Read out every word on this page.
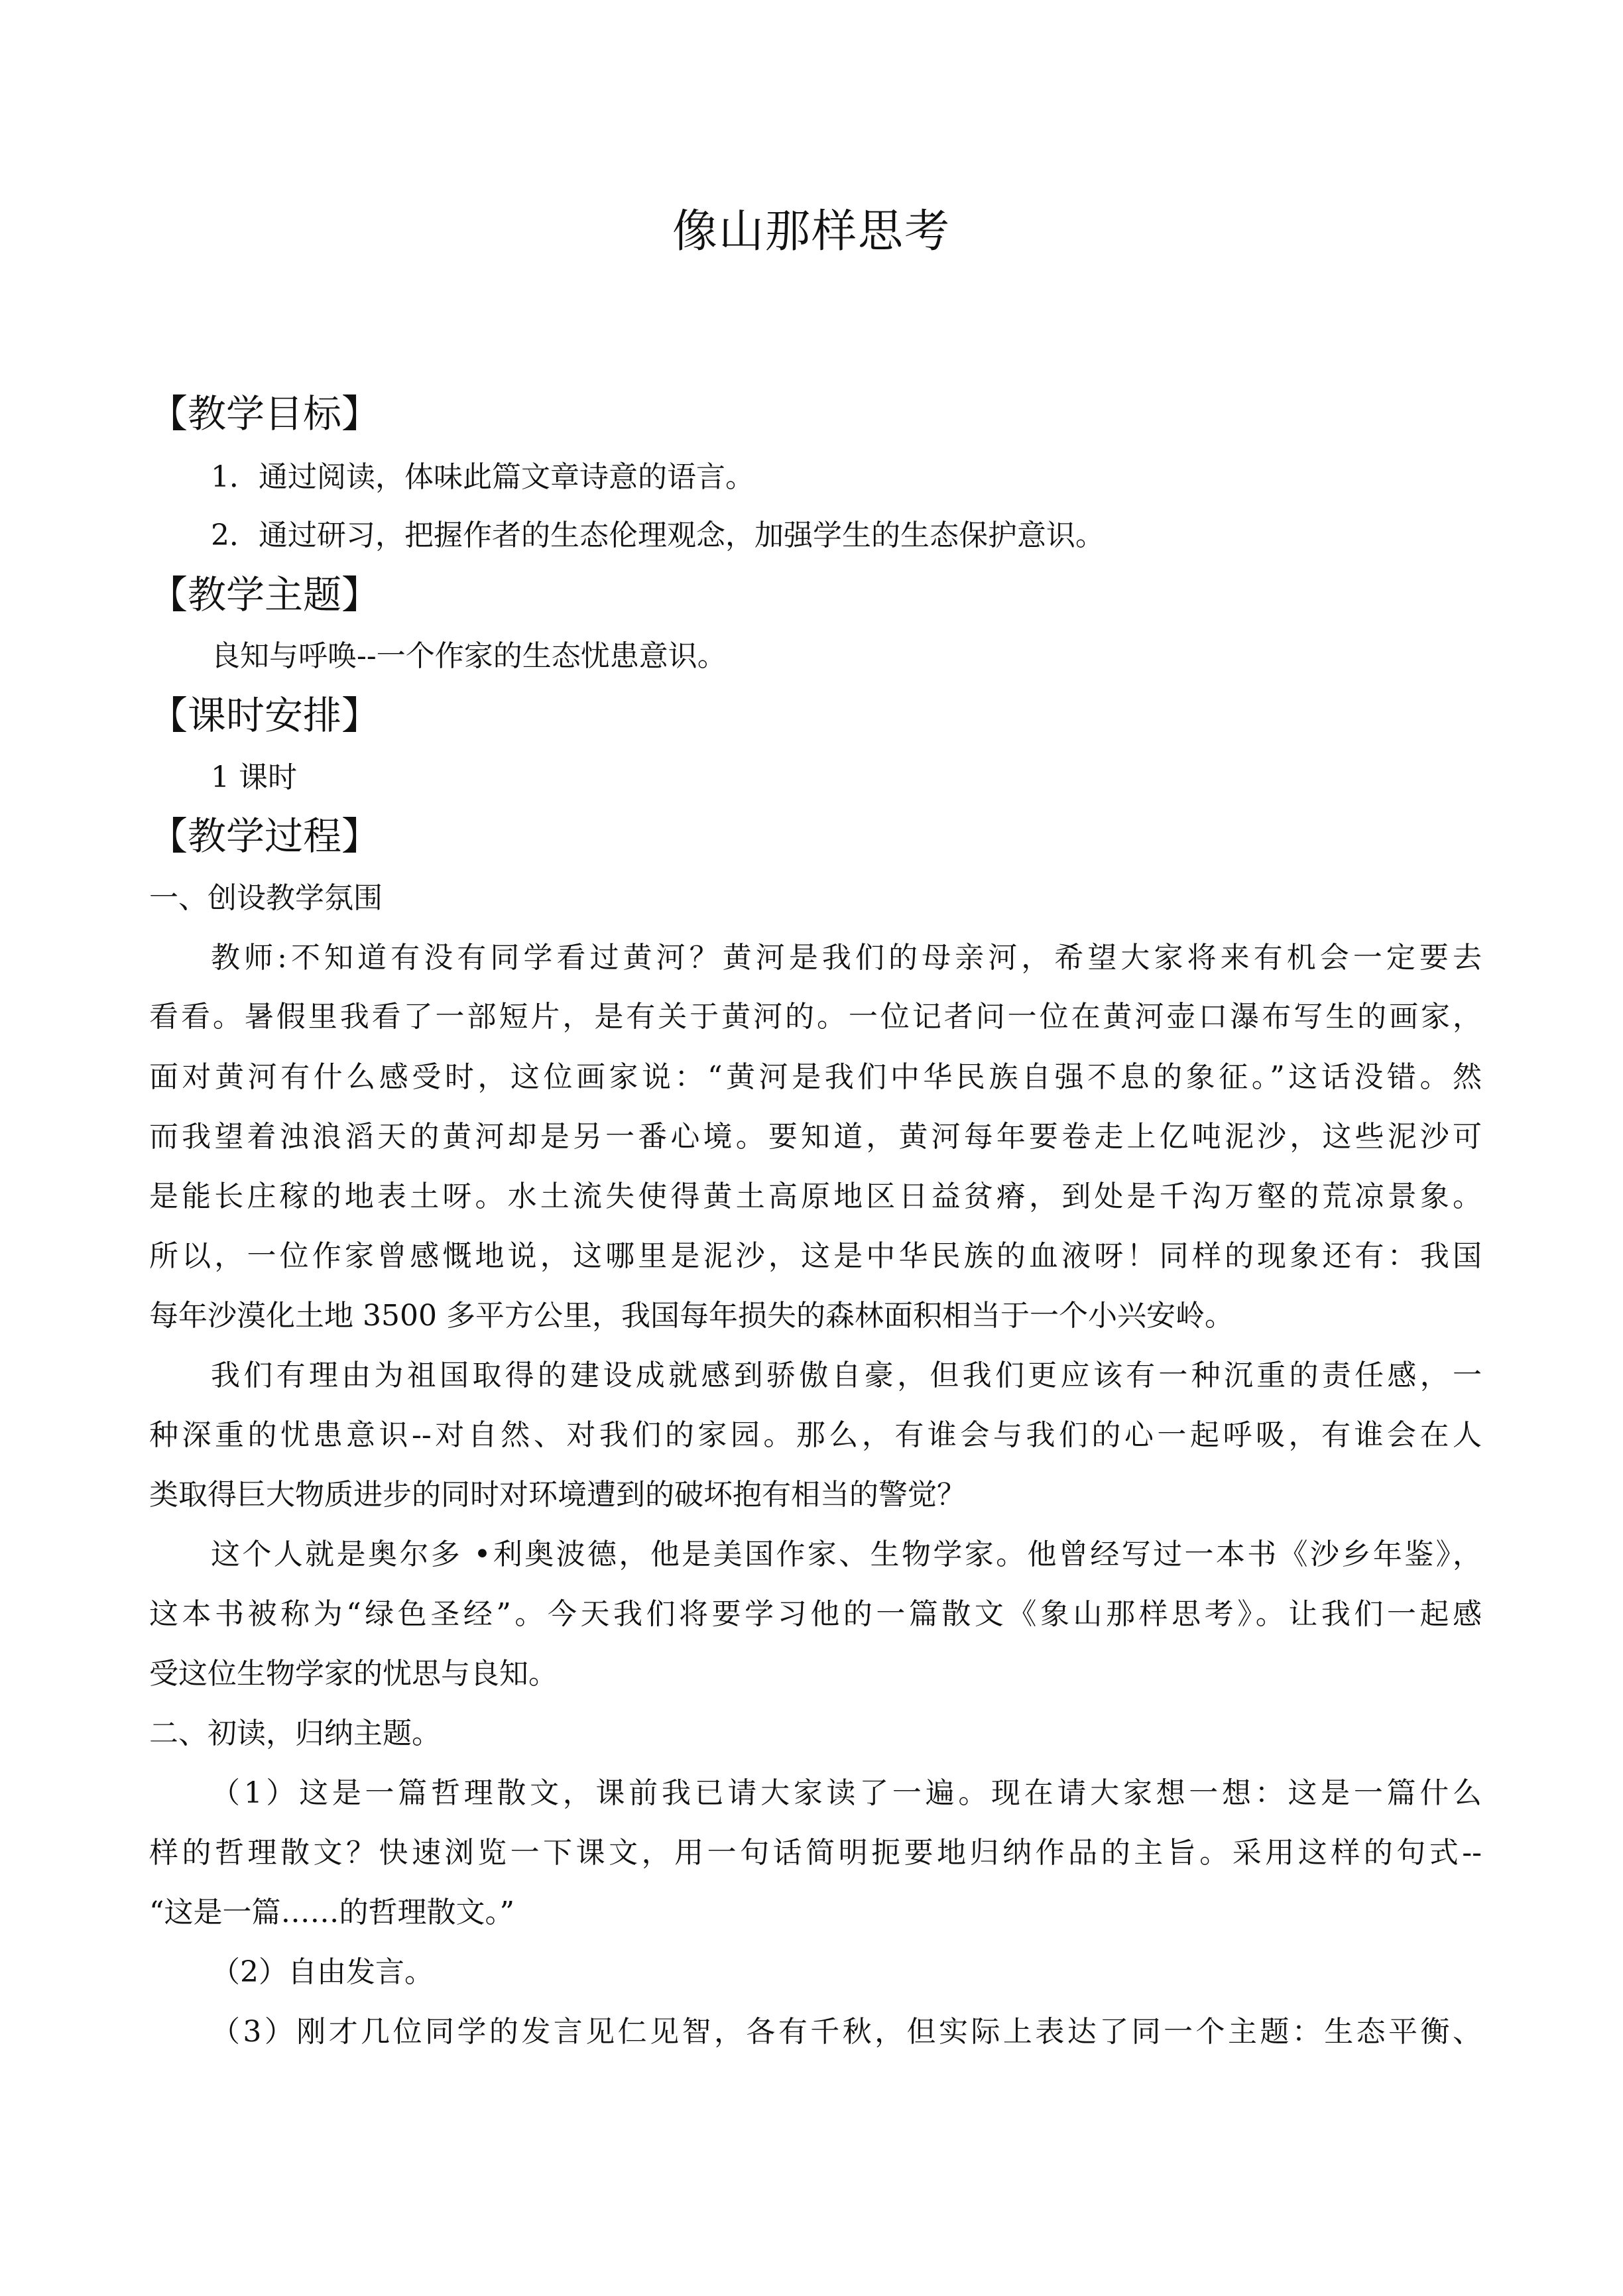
像山那样思考
【教学目标】
1．通过阅读，体味此篇文章诗意的语言。
2．通过研习，把握作者的生态伦理观念，加强学生的生态保护意识。
【教学主题】
良知与呼唤--一个作家的生态忧患意识。
【课时安排】
1 课时
【教学过程】
一、创设教学氛围
教师:不知道有没有同学看过黄河？黄河是我们的母亲河，希望大家将来有机会一定要去
看看。暑假里我看了一部短片，是有关于黄河的。一位记者问一位在黄河壶口瀑布写生的画家，
面对黄河有什么感受时，这位画家说：“黄河是我们中华民族自强不息的象征。”这话没错。然
而我望着浊浪滔天的黄河却是另一番心境。要知道，黄河每年要卷走上亿吨泥沙，这些泥沙可
是能长庄稼的地表土呀。水土流失使得黄土高原地区日益贫瘠，到处是千沟万壑的荒凉景象。
所以，一位作家曾感慨地说，这哪里是泥沙，这是中华民族的血液呀！同样的现象还有：我国
每年沙漠化土地 3500 多平方公里，我国每年损失的森林面积相当于一个小兴安岭。
我们有理由为祖国取得的建设成就感到骄傲自豪，但我们更应该有一种沉重的责任感，一
种深重的忧患意识--对自然、对我们的家园。那么，有谁会与我们的心一起呼吸，有谁会在人
类取得巨大物质进步的同时对环境遭到的破坏抱有相当的警觉？
这个人就是奥尔多 •利奥波德，他是美国作家、生物学家。他曾经写过一本书《沙乡年鉴》，
这本书被称为“绿色圣经”。今天我们将要学习他的一篇散文《象山那样思考》。让我们一起感
受这位生物学家的忧思与良知。
二、初读，归纳主题。
（1）这是一篇哲理散文，课前我已请大家读了一遍。现在请大家想一想：这是一篇什么
样的哲理散文？快速浏览一下课文，用一句话简明扼要地归纳作品的主旨。采用这样的句式--
“这是一篇……的哲理散文。”
（2）自由发言。
（3）刚才几位同学的发言见仁见智，各有千秋，但实际上表达了同一个主题：生态平衡、
